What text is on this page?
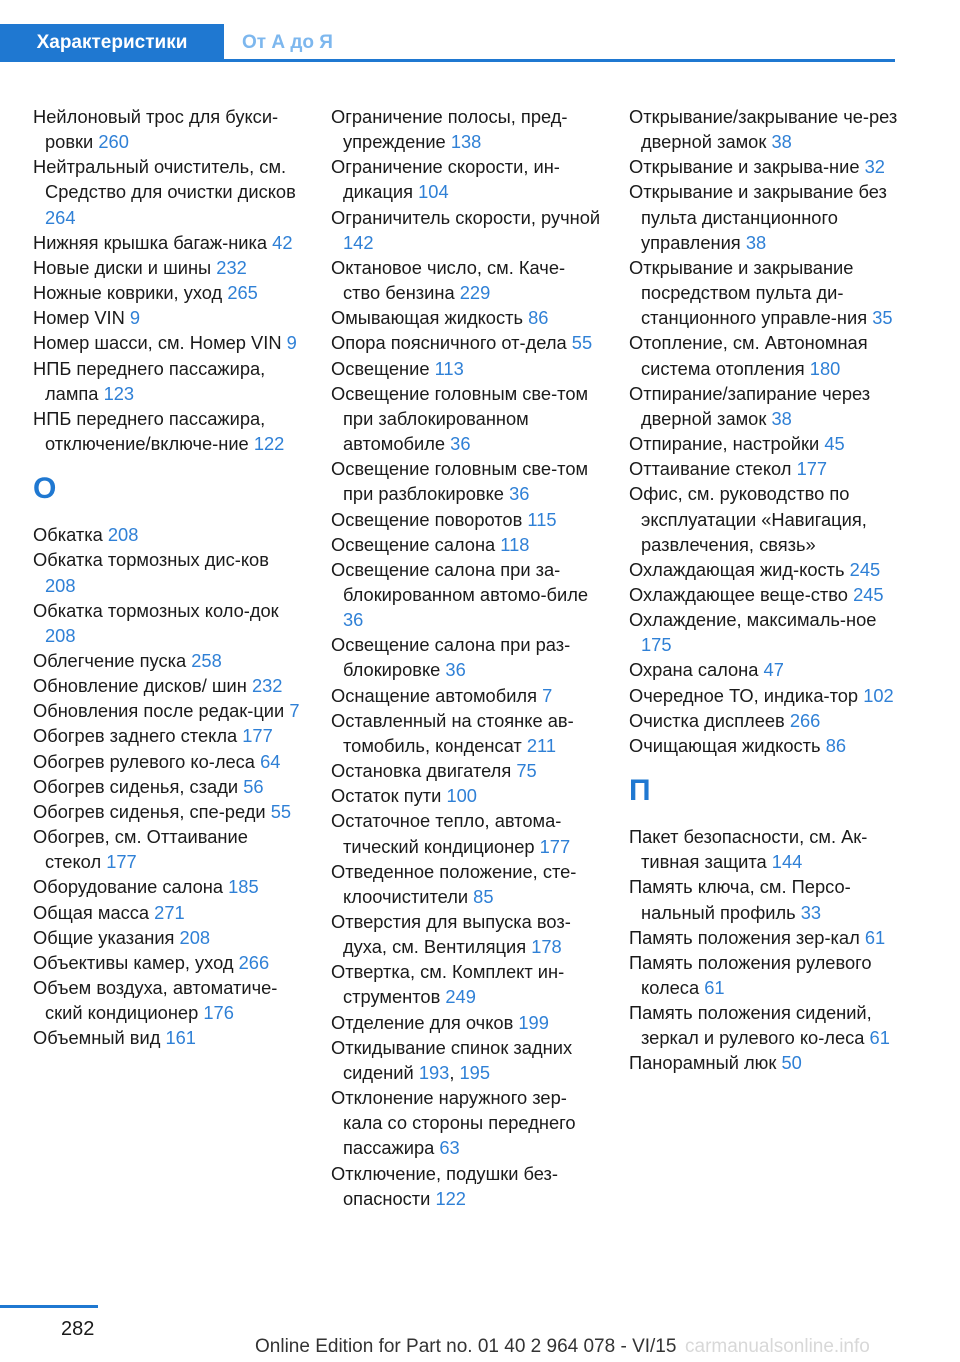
Характеристики	От А до Я
Нейлоновый трос для букси-ровки 260
Нейтральный очиститель, см. Средство для очистки дисков 264
Нижняя крышка багаж-ника 42
Новые диски и шины 232
Ножные коврики, уход 265
Номер VIN 9
Номер шасси, см. Номер VIN 9
НПБ переднего пассажира, лампа 123
НПБ переднего пассажира, отключение/включе-ние 122
О
Обкатка 208
Обкатка тормозных дис-ков 208
Обкатка тормозных коло-док 208
Облегчение пуска 258
Обновление дисков/ шин 232
Обновления после редак-ции 7
Обогрев заднего стекла 177
Обогрев рулевого ко-леса 64
Обогрев сиденья, сзади 56
Обогрев сиденья, спе-реди 55
Обогрев, см. Оттаивание стекол 177
Оборудование салона 185
Общая масса 271
Общие указания 208
Объективы камер, уход 266
Объем воздуха, автоматиче-ский кондиционер 176
Объемный вид 161
Ограничение полосы, пред-упреждение 138
Ограничение скорости, ин-дикация 104
Ограничитель скорости, ручной 142
Октановое число, см. Каче-ство бензина 229
Омывающая жидкость 86
Опора поясничного от-дела 55
Освещение 113
Освещение головным све-том при заблокированном автомобиле 36
Освещение головным све-том при разблокировке 36
Освещение поворотов 115
Освещение салона 118
Освещение салона при за-блокированном автомо-биле 36
Освещение салона при раз-блокировке 36
Оснащение автомобиля 7
Оставленный на стоянке ав-томобиль, конденсат 211
Остановка двигателя 75
Остаток пути 100
Остаточное тепло, автома-тический кондиционер 177
Отведенное положение, сте-клоочистители 85
Отверстия для выпуска воз-духа, см. Вентиляция 178
Отвертка, см. Комплект ин-струментов 249
Отделение для очков 199
Откидывание спинок задних сидений 193, 195
Отклонение наружного зер-кала со стороны переднего пассажира 63
Отключение, подушки без-опасности 122
Открывание/закрывание че-рез дверной замок 38
Открывание и закрыва-ние 32
Открывание и закрывание без пульта дистанционного управления 38
Открывание и закрывание посредством пульта ди-станционного управле-ния 35
Отопление, см. Автономная система отопления 180
Отпирание/запирание через дверной замок 38
Отпирание, настройки 45
Оттаивание стекол 177
Офис, см. руководство по эксплуатации «Навигация, развлечения, связь»
Охлаждающая жид-кость 245
Охлаждающее веще-ство 245
Охлаждение, максималь-ное 175
Охрана салона 47
Очередное ТО, индика-тор 102
Очистка дисплеев 266
Очищающая жидкость 86
П
Пакет безопасности, см. Ак-тивная защита 144
Память ключа, см. Персо-нальный профиль 33
Память положения зер-кал 61
Память положения рулевого колеса 61
Память положения сидений, зеркал и рулевого ко-леса 61
Панорамный люк 50
282
Online Edition for Part no. 01 40 2 964 078 - VI/15 carmanualsonline.info
